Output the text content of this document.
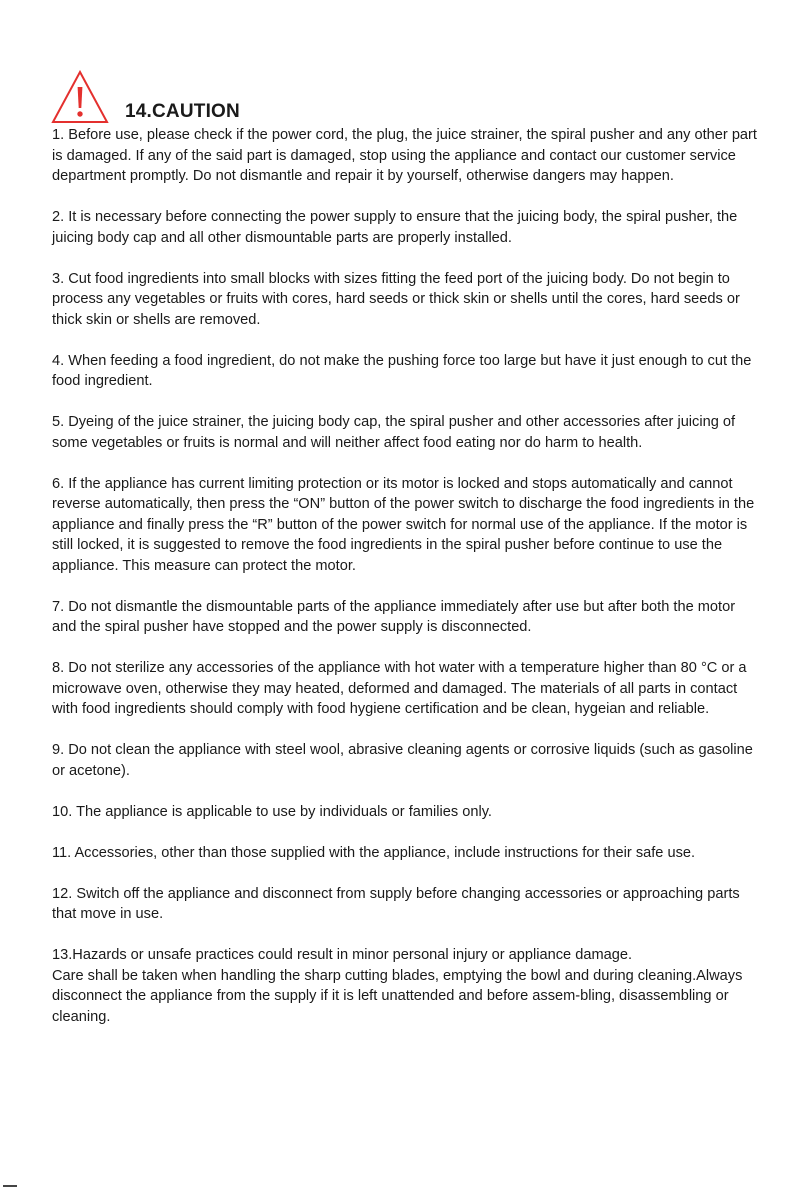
14.CAUTION

1. Before use, please check if the power cord, the plug, the juice strainer, the spiral pusher and any other part is damaged. If any of the said part is damaged, stop using the appliance and contact our customer service department promptly. Do not dismantle and repair it by yourself, otherwise dangers may happen.

2. It is necessary before connecting the power supply to ensure that the juicing body, the spiral pusher, the juicing body cap and all other dismountable parts are properly installed.

3. Cut food ingredients into small blocks with sizes fitting the feed port of the juicing body. Do not begin to process any vegetables or fruits with cores, hard seeds or thick skin or shells until the cores, hard seeds or thick skin or shells are removed.

4. When feeding a food ingredient, do not make the pushing force too large but have it just enough to cut the food ingredient.

5. Dyeing of the juice strainer, the juicing body cap, the spiral pusher and other accessories after juicing of some vegetables or fruits is normal and will neither affect food eating nor do harm to health.

6. If the appliance has current limiting protection or its motor is locked and stops automatically and cannot reverse automatically, then press the “ON” button of the power switch to discharge the food ingredients in the appliance and finally press the “R” button of the power switch for normal use of the appliance. If the motor is still locked, it is suggested to remove the food ingredients in the spiral pusher before continue to use the appliance. This measure can protect the motor.

7. Do not dismantle the dismountable parts of the appliance immediately after use but after both the motor and the spiral pusher have stopped and the power supply is disconnected.

8. Do not sterilize any accessories of the appliance with hot water with a temperature higher than 80 °C or a microwave oven, otherwise they may heated, deformed and damaged. The materials of all parts in contact with food ingredients should comply with food hygiene certification and be clean, hygeian and reliable.

9. Do not clean the appliance with steel wool, abrasive cleaning agents or corrosive liquids (such as gasoline or acetone).

10. The appliance is applicable to use by individuals or families only.

11. Accessories, other than those supplied with the appliance, include instructions for their safe use.

12. Switch off the appliance and disconnect from supply before changing accessories or approaching parts that move in use.

13.Hazards or unsafe practices could result in minor personal injury or appliance damage.

Care shall be taken when handling the sharp cutting blades, emptying the bowl and during cleaning.Always disconnect the appliance from the supply if it is left unattended and before assem-bling, disassembling or cleaning.
